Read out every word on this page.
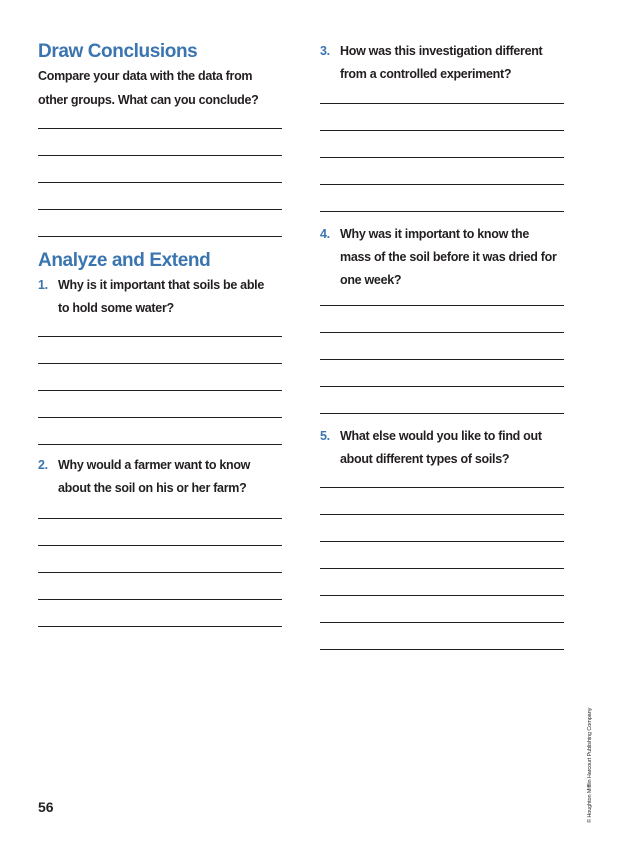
Draw Conclusions

Compare your data with the data from
other groups. What can you conclude?

Analyze and Extend
1. Why is it important that soils be able
to hold some water?
2. Why would a farmer want to know
about the soil on his or her farm?
3. How was this investigation different
from a controlled experiment?
4. Why was it important to know the
mass of the soil before it was dried for
one week?
5. What else would you like to find out
about different types of soils?
56	© Houghton Mifflin Harcourt Publishing Company
